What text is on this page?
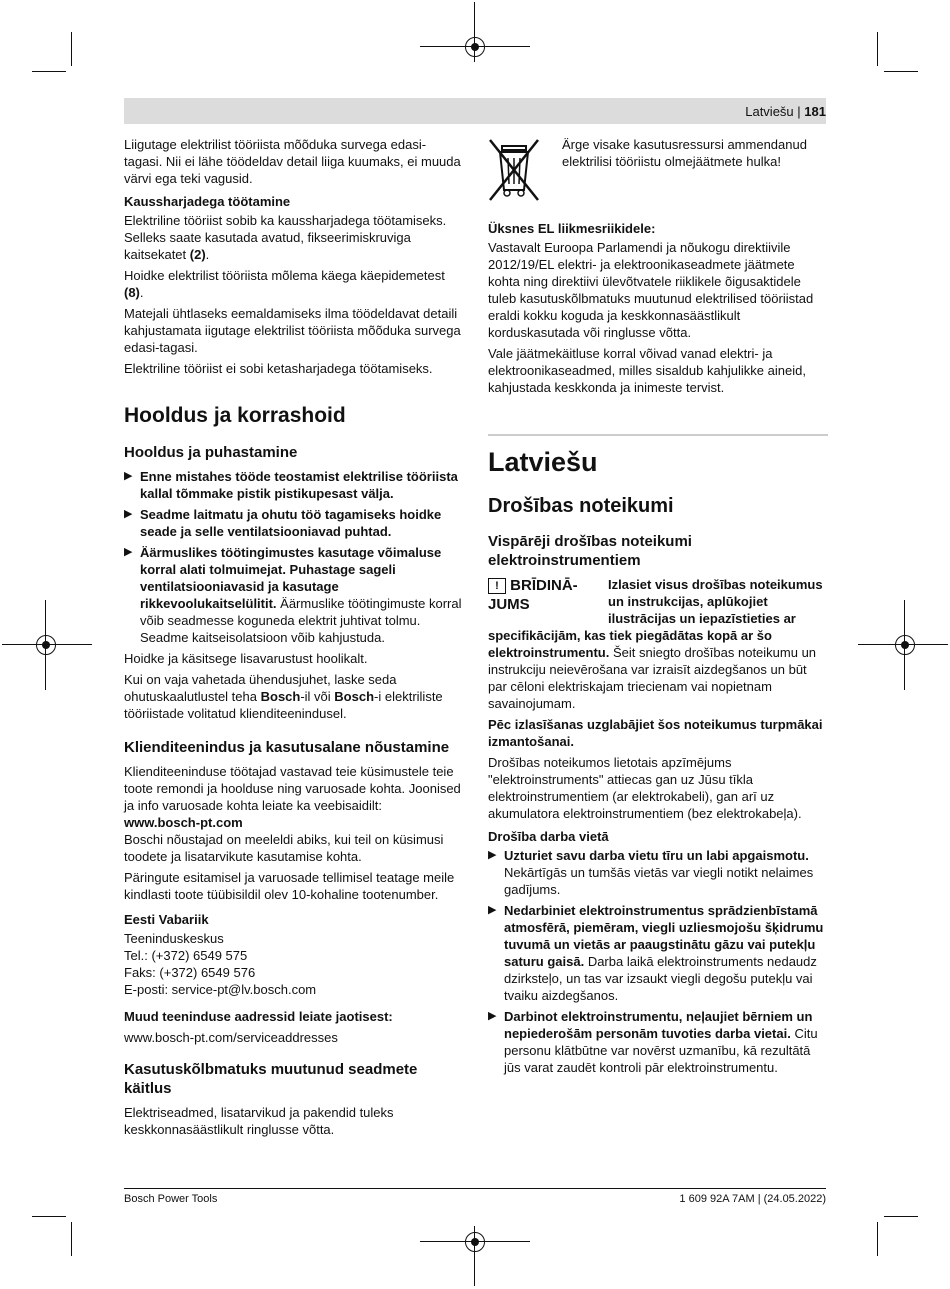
Latviešu | 181

Liigutage elektrilist tööriista mõõduka survega edasi-tagasi. Nii ei lähe töödeldav detail liiga kuumaks, ei muuda värvi ega teki vagusid.

Kaussharjadega töötamine

Elektriline tööriist sobib ka kaussharjadega töötamiseks. Selleks saate kasutada avatud, fikseerimiskruviga kaitsekatet (2).

Hoidke elektrilist tööriista mõlema käega käepidemetest (8).

Matejali ühtlaseks eemaldamiseks ilma töödeldavat detaili kahjustamata iigutage elektrilist tööriista mõõduka survega edasi-tagasi.

Elektriline tööriist ei sobi ketasharjadega töötamiseks.

Hooldus ja korrashoid
Hooldus ja puhastamine
▶ Enne mistahes tööde teostamist elektrilise tööriista kallal tõmmake pistik pistikupesast välja.
▶ Seadme laitmatu ja ohutu töö tagamiseks hoidke seade ja selle ventilatsiooniavad puhtad.
▶ Äärmuslikes töötingimustes kasutage võimaluse korral alati tolmuimejat. Puhastage sageli ventilatsiooniavasid ja kasutage rikkevoolukaitselülitit. Äärmuslike töötingimuste korral võib seadmesse koguneda elektrit juhtivat tolmu. Seadme kaitseisolatsioon võib kahjustuda.

Hoidke ja käsitsege lisavarustust hoolikalt.

Kui on vaja vahetada ühendusjuhet, laske seda ohutuskaalutlustel teha Bosch-il või Bosch-i elektriliste tööriistade volitatud klienditeenindusel.

Klienditeenindus ja kasutusalane nõustamine

Klienditeeninduse töötajad vastavad teie küsimustele teie toote remondi ja hoolduse ning varuosade kohta. Joonised ja info varuosade kohta leiate ka veebisaidilt:

www.bosch-pt.com

Boschi nõustajad on meeleldi abiks, kui teil on küsimusi toodete ja lisatarvikute kasutamise kohta.

Päringute esitamisel ja varuosade tellimisel teatage meile kindlasti toote tüübisildil olev 10-kohaline tootenumber.

Eesti Vabariik
Teeninduskeskus
Tel.: (+372) 6549 575
Faks: (+372) 6549 576
E-posti: service-pt@lv.bosch.com
Muud teeninduse aadressid leiate jaotisest:

www.bosch-pt.com/serviceaddresses

Kasutuskõlbmatuks muutunud seadmete käitlus

Elektriseadmed, lisatarvikud ja pakendid tuleks keskkonnasäästlikult ringlusse võtta.

Ärge visake kasutusressursi ammendanud elektrilisi tööriistu olmejäätmete hulka!
Üksnes EL liikmesriikidele:

Vastavalt Euroopa Parlamendi ja nõukogu direktiivile 2012/19/EL elektri- ja elektroonikaseadmete jäätmete kohta ning direktiivi ülevõtvatele riiklikele õigusaktidele tuleb kasutuskõlbmatuks muutunud elektrilised tööriistad eraldi kokku koguda ja keskkonnasäästlikult korduskasutada või ringlusse võtta.

Vale jäätmekäitluse korral võivad vanad elektri- ja elektroonikaseadmed, milles sisaldub kahjulikke aineid, kahjustada keskkonda ja inimeste tervist.

Latviešu
Drošības noteikumi
Vispārēji drošības noteikumi elektroinstrumentiem
! BRĪDINĀ-JUMS

Izlasiet visus drošības noteikumus un instrukcijas, aplūkojiet ilustrācijas un iepazīstieties ar specifikācijām, kas tiek piegādātas kopā ar šo elektroinstrumentu. Šeit sniegto drošības noteikumu un instrukciju neievērošana var izraisīt aizdegšanos un būt par cēloni elektriskajam triecienam vai nopietnam savainojumam.

Pēc izlasīšanas uzglabājiet šos noteikumus turpmākai izmantošanai.

Drošības noteikumos lietotais apzīmējums "elektroinstruments" attiecas gan uz Jūsu tīkla elektroinstrumentiem (ar elektrokabeli), gan arī uz akumulatora elektroinstrumentiem (bez elektrokabeļa).

Drošība darba vietā
▶ Uzturiet savu darba vietu tīru un labi apgaismotu. Nekārtīgās un tumšās vietās var viegli notikt nelaimes gadījums.
▶ Nedarbiniet elektroinstrumentus sprādzienbīstamā atmosfērā, piemēram, viegli uzliesmojošu šķidrumu tuvumā un vietās ar paaugstinātu gāzu vai putekļu saturu gaisā. Darba laikā elektroinstruments nedaudz dzirksteļo, un tas var izsaukt viegli degošu putekļu vai tvaiku aizdegšanos.
▶ Darbinot elektroinstrumentu, neļaujiet bērniem un nepiederošām personām tuvoties darba vietai. Citu personu klātbūtne var novērst uzmanību, kā rezultātā jūs varat zaudēt kontroli pār elektroinstrumentu.
Bosch Power Tools	1 609 92A 7AM | (24.05.2022)
